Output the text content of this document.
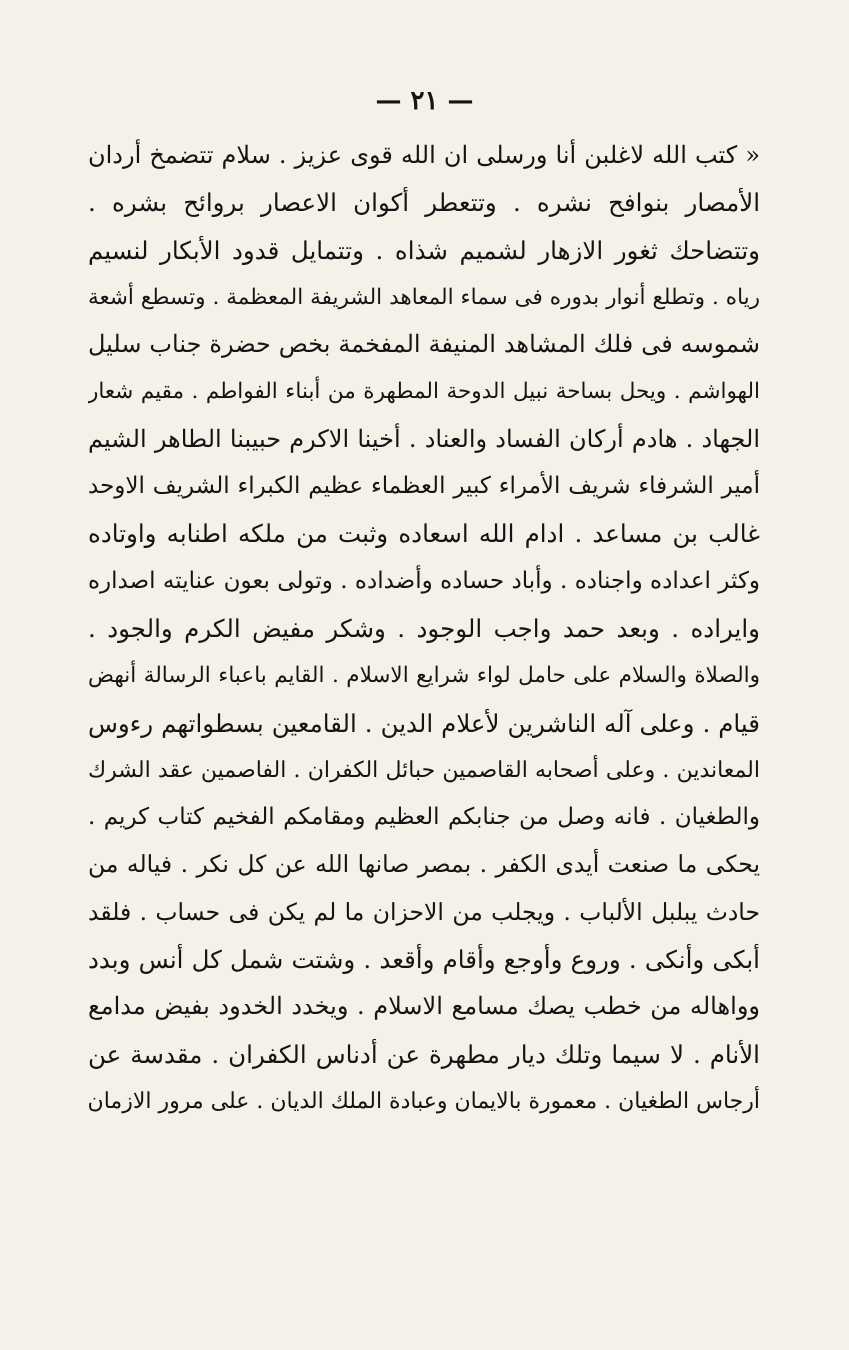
— ٢١ —
« كتب الله لاغلبن أنا ورسلى ان الله قوى عزيز . سلام تتضمخ أردان
الأمصار بنوافح نشره . وتتعطر أكوان الاعصار بروائح بشره .
وتتضاحك ثغور الازهار لشميم شذاه . وتتمايل قدود الأبكار لنسيم
رياه . وتطلع أنوار بدوره فى سماء المعاهد الشريفة المعظمة . وتسطع أشعة
شموسه فى فلك المشاهد المنيفة المفخمة بخص حضرة جناب سليل
الهواشم . ويحل بساحة نبيل الدوحة المطهرة من أبناء الفواطم . مقيم شعار
الجهاد . هادم أركان الفساد والعناد . أخينا الاكرم حبيبنا الطاهر الشيم
أمير الشرفاء شريف الأمراء كبير العظماء عظيم الكبراء الشريف الاوحد
غالب بن مساعد . ادام الله اسعاده وثبت من ملكه اطنابه واوتاده
وكثر اعداده واجناده . وأباد حساده وأضداده . وتولى بعون عنايته اصداره
وايراده . وبعد حمد واجب الوجود . وشكر مفيض الكرم والجود .
والصلاة والسلام على حامل لواء شرايع الاسلام . القايم باعباء الرسالة أنهض
قيام . وعلى آله الناشرين لأعلام الدين . القامعين بسطواتهم رءوس
المعاندين . وعلى أصحابه القاصمين حبائل الكفران . الفاصمين عقد الشرك
والطغيان . فانه وصل من جنابكم العظيم ومقامكم الفخيم كتاب كريم .
يحكى ما صنعت أيدى الكفر . بمصر صانها الله عن كل نكر . فياله من
حادث يبلبل الألباب . ويجلب من الاحزان ما لم يكن فى حساب . فلقد
أبكى وأنكى . وروع وأوجع وأقام وأقعد . وشتت شمل كل أنس وبدد
وواهاله من خطب يصك مسامع الاسلام . ويخدد الخدود بفيض مدامع
الأنام . لا سيما وتلك ديار مطهرة عن أدناس الكفران . مقدسة عن
أرجاس الطغيان . معمورة بالايمان وعبادة الملك الديان . على مرور الازمان
